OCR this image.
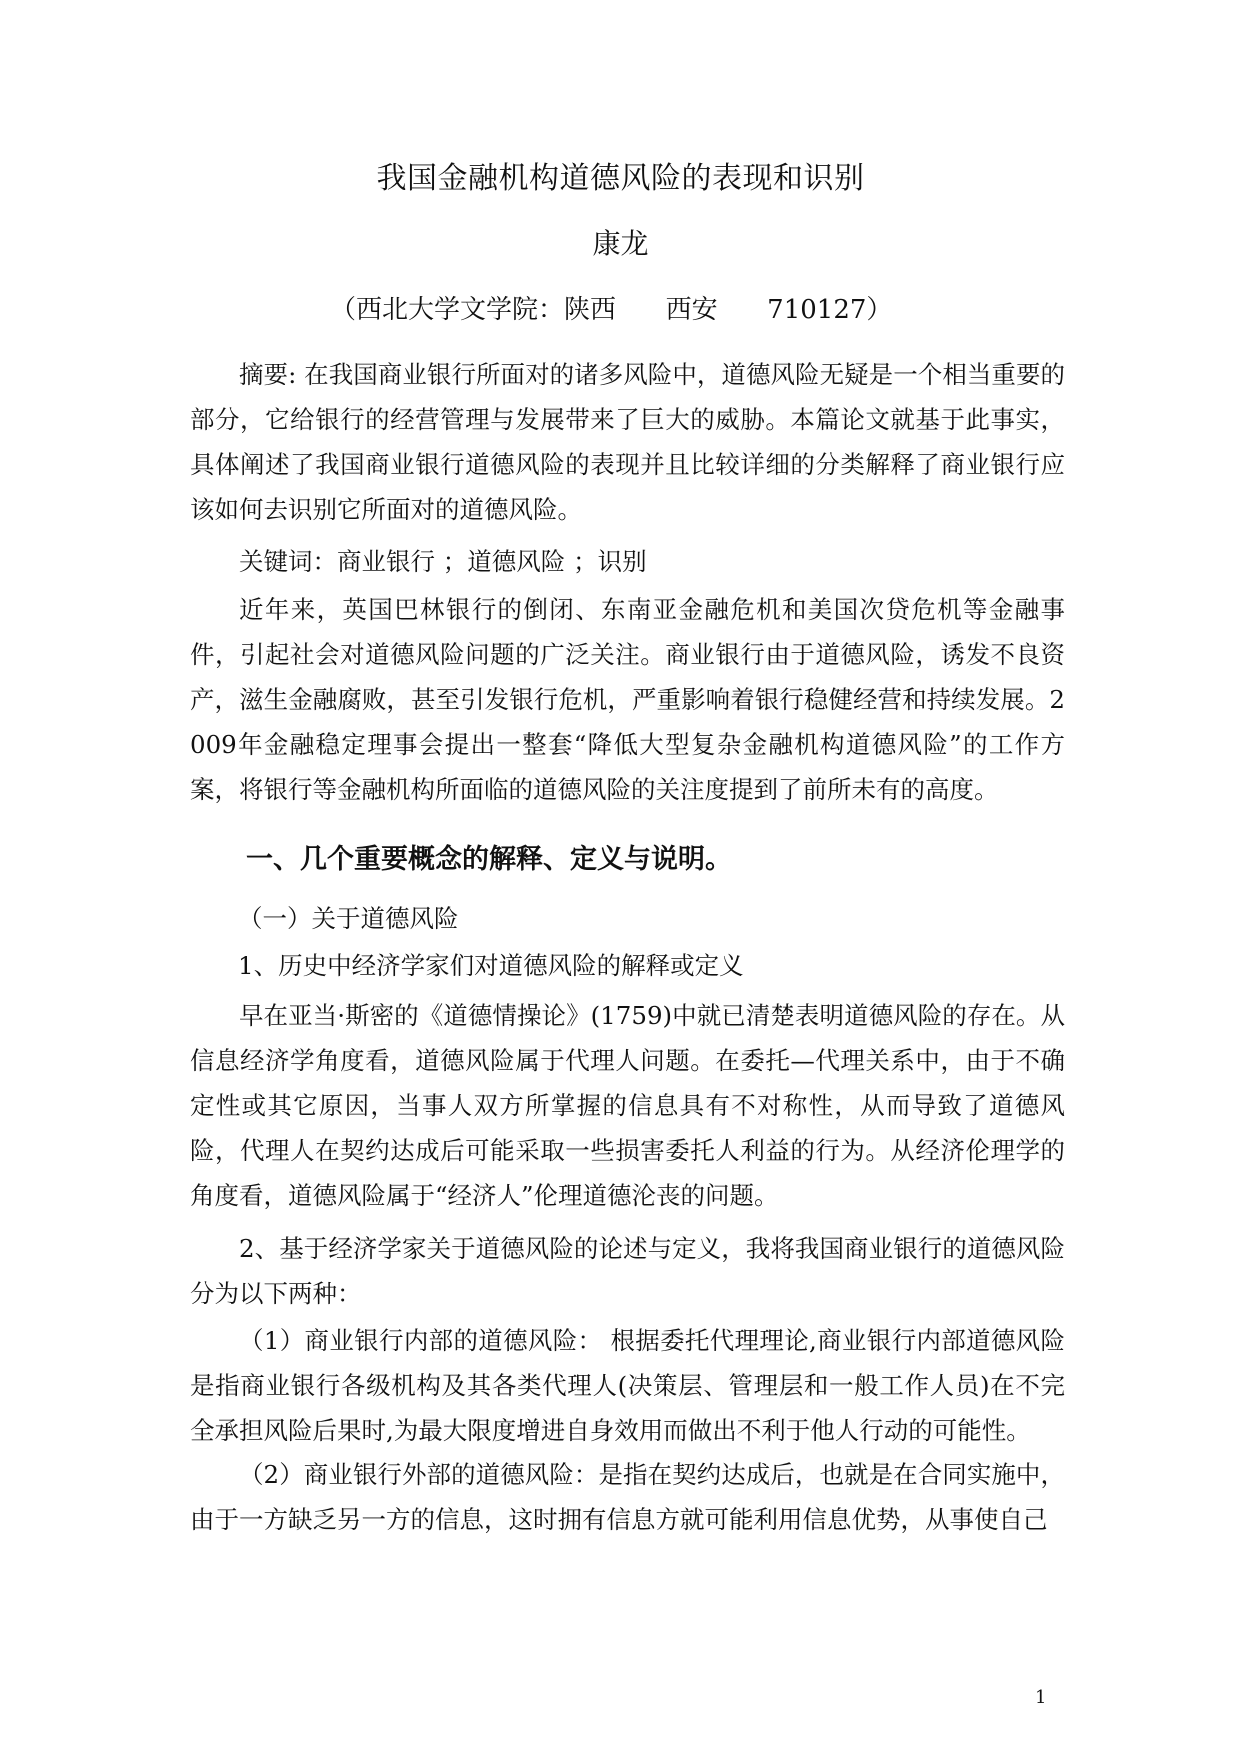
我国金融机构道德风险的表现和识别
康龙
（西北大学文学院：陕西      西安      710127）

摘要: 在我国商业银行所面对的诸多风险中，道德风险无疑是一个相当重要的部分，它给银行的经营管理与发展带来了巨大的威胁。本篇论文就基于此事实，具体阐述了我国商业银行道德风险的表现并且比较详细的分类解释了商业银行应该如何去识别它所面对的道德风险。

关键词：商业银行 ；道德风险 ；识别

近年来，英国巴林银行的倒闭、东南亚金融危机和美国次贷危机等金融事件，引起社会对道德风险问题的广泛关注。商业银行由于道德风险，诱发不良资产，滋生金融腐败，甚至引发银行危机，严重影响着银行稳健经营和持续发展。2009年金融稳定理事会提出一整套“降低大型复杂金融机构道德风险”的工作方案，将银行等金融机构所面临的道德风险的关注度提到了前所未有的高度。

一、几个重要概念的解释、定义与说明。
（一）关于道德风险
1、历史中经济学家们对道德风险的解释或定义

早在亚当·斯密的《道德情操论》(1759)中就已清楚表明道德风险的存在。从信息经济学角度看，道德风险属于代理人问题。在委托—代理关系中，由于不确定性或其它原因，当事人双方所掌握的信息具有不对称性，从而导致了道德风险，代理人在契约达成后可能采取一些损害委托人利益的行为。从经济伦理学的角度看，道德风险属于“经济人”伦理道德沦丧的问题。

2、基于经济学家关于道德风险的论述与定义，我将我国商业银行的道德风险分为以下两种：

（1）商业银行内部的道德风险： 根据委托代理理论,商业银行内部道德风险是指商业银行各级机构及其各类代理人(决策层、管理层和一般工作人员)在不完全承担风险后果时,为最大限度增进自身效用而做出不利于他人行动的可能性。

（2）商业银行外部的道德风险：是指在契约达成后，也就是在合同实施中，由于一方缺乏另一方的信息，这时拥有信息方就可能利用信息优势，从事使自己

1
